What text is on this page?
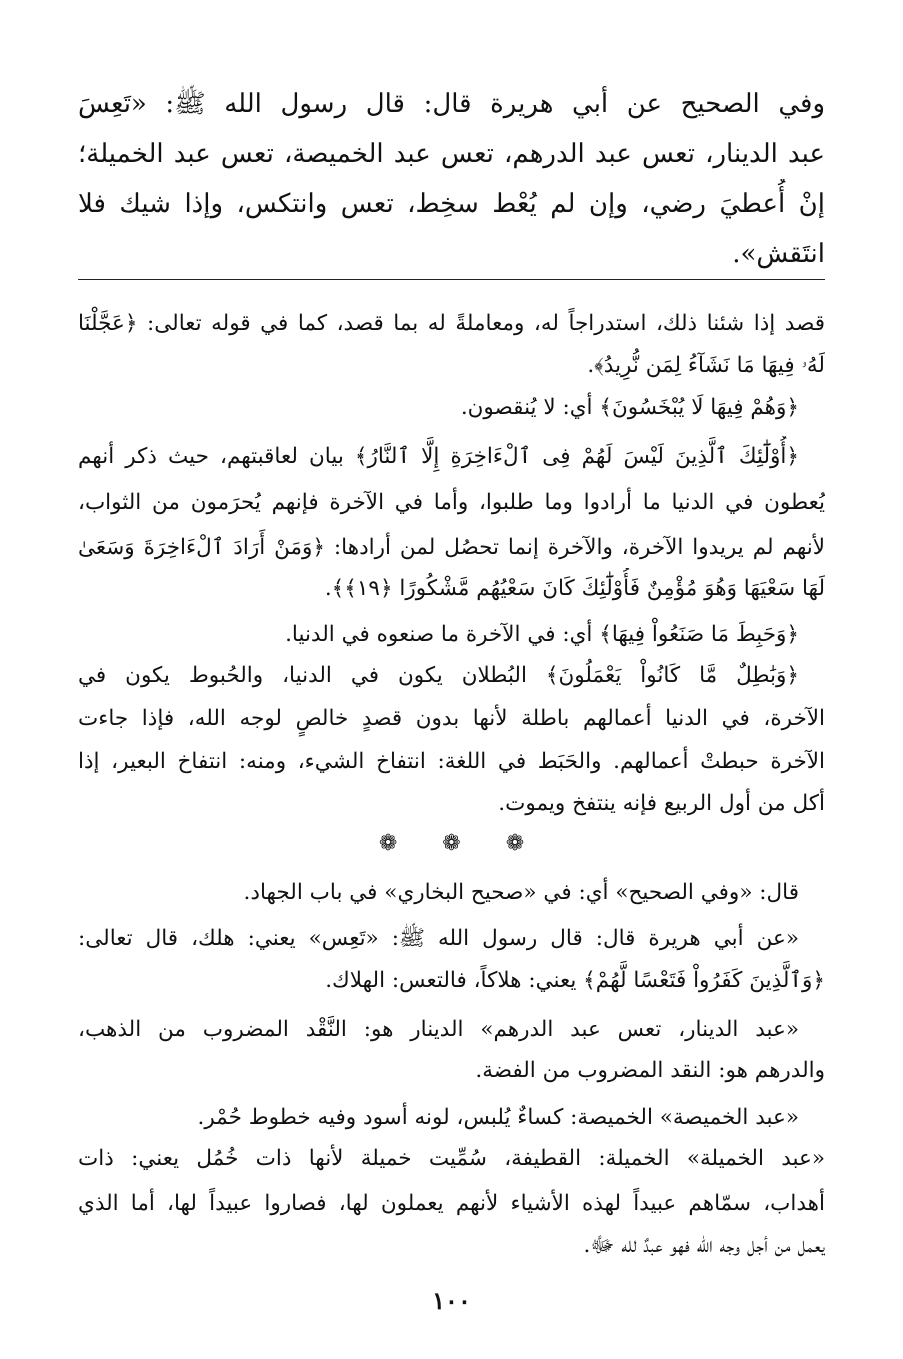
وفي الصحيح عن أبي هريرة قال: قال رسول الله ﷺ: «تَعِسَ
عبد الدينار، تعس عبد الدرهم، تعس عبد الخميصة، تعس عبد الخميلة؛
إنْ أُعطيَ رضي، وإن لم يُعْط سخِط، تعس وانتكس، وإذا شيك فلا
انتَقش».
قصد إذا شئنا ذلك، استدراجاً له، ومعاملةً له بما قصد، كما في قوله تعالى: ﴿عَجَّلْنَا
لَهُۥ فِيهَا مَا نَشَآءُ لِمَن نُّرِيدُ﴾.
﴿وَهُمْ فِيهَا لَا يُبْخَسُونَ﴾ أي: لا يُنقصون.
﴿أُوْلَٰٓئِكَ ٱلَّذِينَ لَيْسَ لَهُمْ فِى ٱلْءَاخِرَةِ إِلَّا ٱلنَّارُ﴾ بيان لعاقبتهم، حيث ذكر أنهم
يُعطون في الدنيا ما أرادوا وما طلبوا، وأما في الآخرة فإنهم يُحرَمون من الثواب،
لأنهم لم يريدوا الآخرة، والآخرة إنما تحصُل لمن أرادها: ﴿وَمَنْ أَرَادَ ٱلْءَاخِرَةَ وَسَعَىٰ
لَهَا سَعْيَهَا وَهُوَ مُؤْمِنٌ فَأُوْلَٰٓئِكَ كَانَ سَعْيُهُم مَّشْكُورًا ﴿١٩﴾﴾.
﴿وَحَبِطَ مَا صَنَعُواْ فِيهَا﴾ أي: في الآخرة ما صنعوه في الدنيا.
﴿وَبَٰطِلٌ مَّا كَانُواْ يَعْمَلُونَ﴾ البُطلان يكون في الدنيا، والحُبوط يكون في
الآخرة، في الدنيا أعمالهم باطلة لأنها بدون قصدٍ خالصٍ لوجه الله، فإذا جاءت
الآخرة حبطتْ أعمالهم. والحَبَط في اللغة: انتفاخ الشيء، ومنه: انتفاخ البعير، إذا
أكل من أول الربيع فإنه ينتفخ ويموت.
❁ ❁ ❁
قال: «وفي الصحيح» أي: في «صحيح البخاري» في باب الجهاد.
«عن أبي هريرة قال: قال رسول الله ﷺ: «تَعِس» يعني: هلك، قال تعالى:
﴿وَٱلَّذِينَ كَفَرُواْ فَتَعْسًا لَّهُمْ﴾ يعني: هلاكاً، فالتعس: الهلاك.
«عبد الدينار، تعس عبد الدرهم» الدينار هو: النَّقْد المضروب من الذهب،
والدرهم هو: النقد المضروب من الفضة.
«عبد الخميصة» الخميصة: كساءٌ يُلبس، لونه أسود وفيه خطوط حُمْر.
«عبد الخميلة» الخميلة: القطيفة، سُمِّيت خميلة لأنها ذات خُمُل يعني: ذات
أهداب، سمّاهم عبيداً لهذه الأشياء لأنهم يعملون لها، فصاروا عبيداً لها، أما الذي
يعمل من أجل وجه الله فهو عبدٌ لله ﷻ.
١٠٠
